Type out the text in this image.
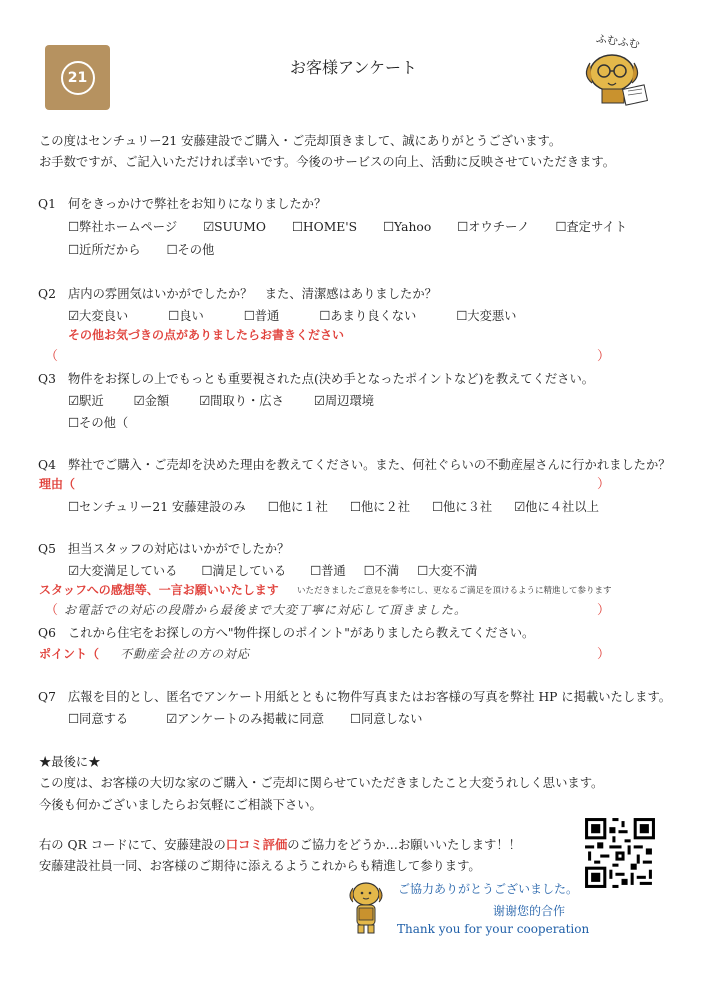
21
お客様アンケート
ふむふむ
この度はセンチュリー21 安藤建設でご購入・ご売却頂きまして、誠にありがとうございます。
お手数ですが、ご記入いただければ幸いです。今後のサービスの向上、活動に反映させていただきます。
Q1 何をきっかけで弊社をお知りになりましたか？
☐弊社ホームページ ☑SUUMO ☐HOME'S ☐Yahoo ☐オウチーノ ☐査定サイト
☐近所だから ☐その他
Q2 店内の雰囲気はいかがでしたか？　また、清潔感はありましたか？
☑大変良い	☐良い	☐普通	☐あまり良くない	☐大変悪い
その他お気づきの点がありましたらお書きください
（	）
Q3 物件をお探しの上でもっとも重要視された点(決め手となったポイントなど)を教えてください。
☑駅近 ☑金額 ☑間取り・広さ ☑周辺環境
☐その他（
Q4 弊社でご購入・ご売却を決めた理由を教えてください。また、何社ぐらいの不動産屋さんに行かれましたか？
理由（	）
☐センチュリー21 安藤建設のみ ☐他に１社 ☐他に２社 ☐他に３社 ☑他に４社以上
Q5 担当スタッフの対応はいかがでしたか？
☑大変満足している ☐満足している ☐普通 ☐不満 ☐大変不満
スタッフへの感想等、一言お願いいたします いただきましたご意見を参考にし、更なるご満足を頂けるように精進して参ります
（ お電話での対応の段階から最後まで大変丁寧に対応して頂きました。	）
Q6 これから住宅をお探しの方へ"物件探しのポイント"がありましたら教えてください。
ポイント（ 不動産会社の方の対応	）
Q7 広報を目的とし、匿名でアンケート用紙とともに物件写真またはお客様の写真を弊社 HP に掲載いたします。
☐同意する	☑アンケートのみ掲載に同意 ☐同意しない
★最後に★
この度は、お客様の大切な家のご購入・ご売却に関らせていただきましたこと大変うれしく思います。
今後も何かございましたらお気軽にご相談下さい。
右の QR コードにて、安藤建設の口コミ評価のご協力をどうか…お願いいたします！！
安藤建設社員一同、お客様のご期待に添えるようこれからも精進して参ります。
ご協力ありがとうございました。
谢谢您的合作
Thank you for your cooperation
